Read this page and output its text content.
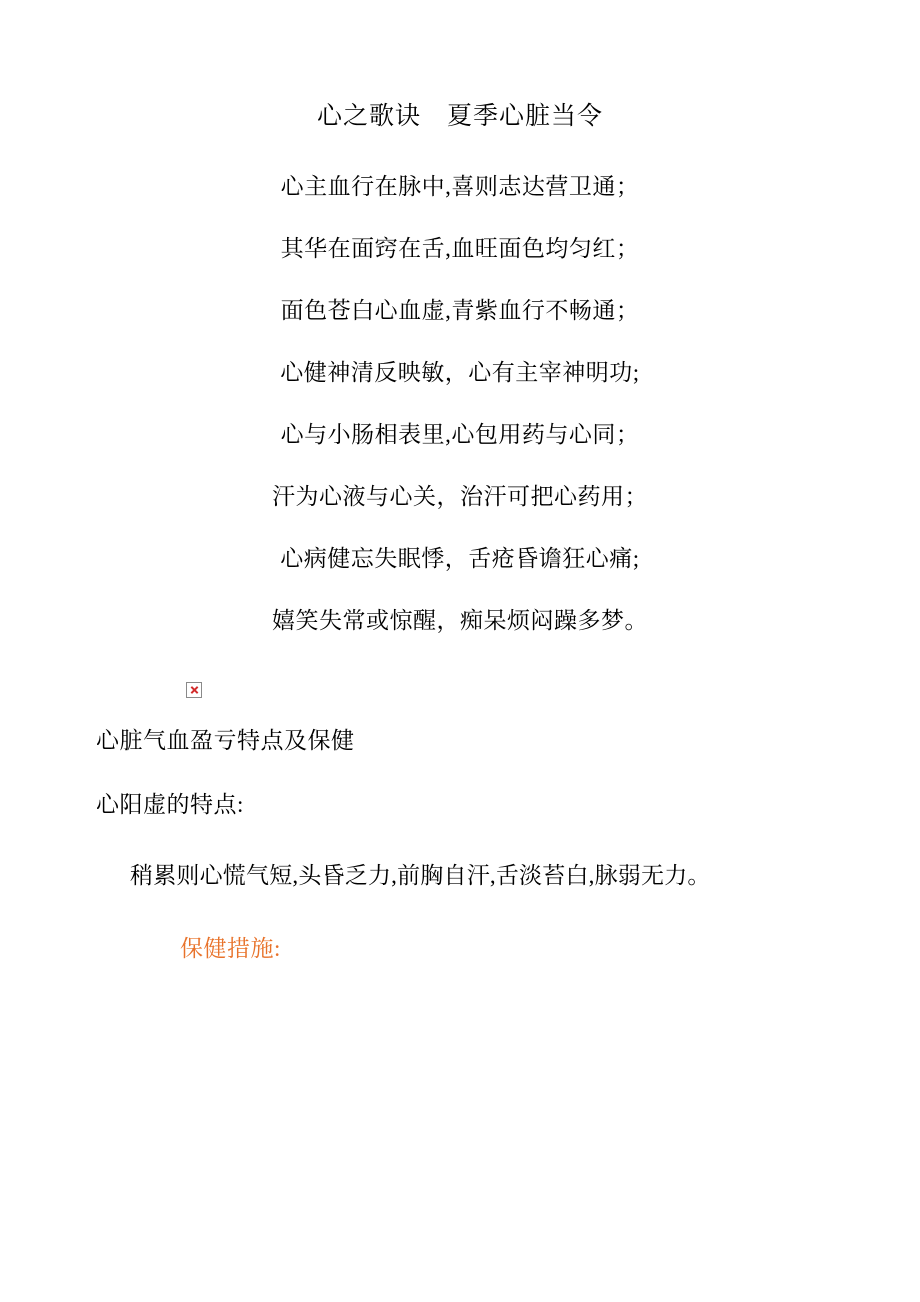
心之歌诀　夏季心脏当令
心主血行在脉中,喜则志达营卫通；
其华在面窍在舌,血旺面色均匀红；
面色苍白心血虚,青紫血行不畅通；
心健神清反映敏，心有主宰神明功;
心与小肠相表里,心包用药与心同；
汗为心液与心关，治汗可把心药用；
心病健忘失眠悸，舌疮昏谵狂心痛;
嬉笑失常或惊醒，痴呆烦闷躁多梦。
心脏气血盈亏特点及保健
心阳虚的特点:
稍累则心慌气短,头昏乏力,前胸自汗,舌淡苔白,脉弱无力。
保健措施:
